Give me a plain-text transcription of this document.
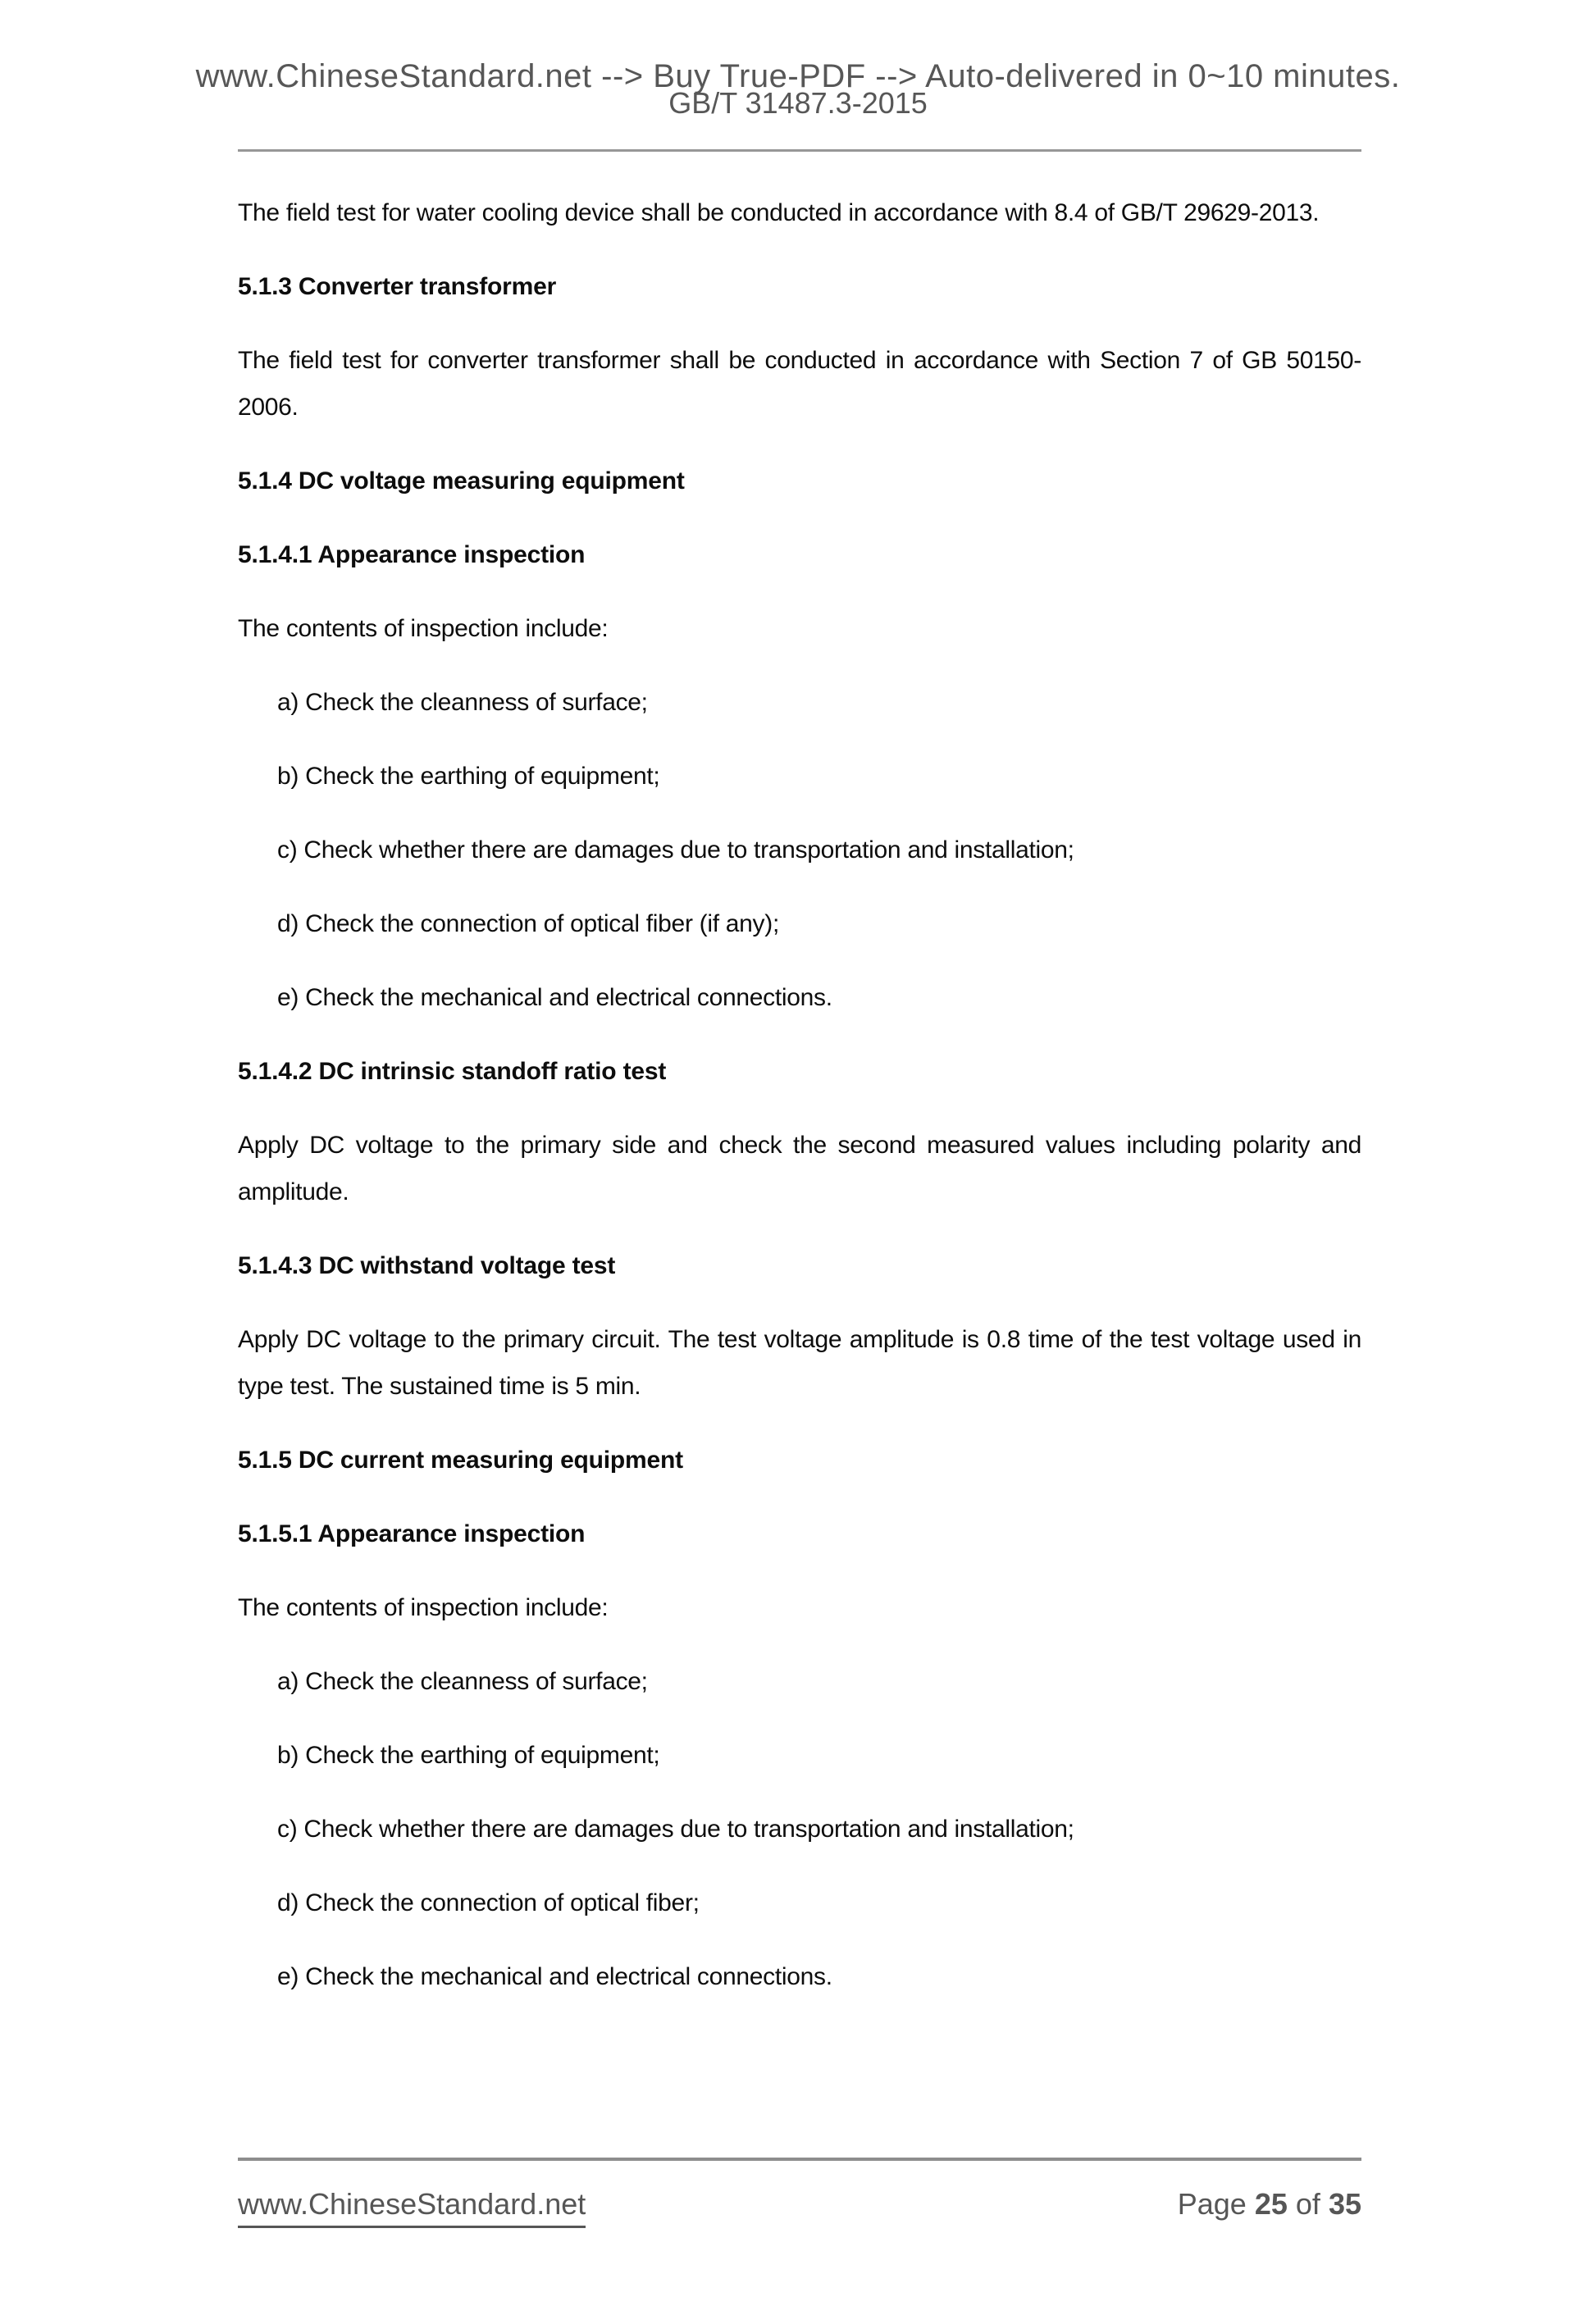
www.ChineseStandard.net --> Buy True-PDF --> Auto-delivered in 0~10 minutes.
GB/T 31487.3-2015

The field test for water cooling device shall be conducted in accordance with 8.4 of GB/T 29629-2013.

5.1.3 Converter transformer

The field test for converter transformer shall be conducted in accordance with Section 7 of GB 50150-2006.

5.1.4 DC voltage measuring equipment
5.1.4.1 Appearance inspection

The contents of inspection include:

a) Check the cleanness of surface;

b) Check the earthing of equipment;

c) Check whether there are damages due to transportation and installation;

d) Check the connection of optical fiber (if any);

e) Check the mechanical and electrical connections.

5.1.4.2 DC intrinsic standoff ratio test

Apply DC voltage to the primary side and check the second measured values including polarity and amplitude.

5.1.4.3 DC withstand voltage test

Apply DC voltage to the primary circuit. The test voltage amplitude is 0.8 time of the test voltage used in type test. The sustained time is 5 min.

5.1.5 DC current measuring equipment
5.1.5.1 Appearance inspection

The contents of inspection include:

a) Check the cleanness of surface;

b) Check the earthing of equipment;

c) Check whether there are damages due to transportation and installation;

d) Check the connection of optical fiber;

e) Check the mechanical and electrical connections.

www.ChineseStandard.net	Page 25 of 35
